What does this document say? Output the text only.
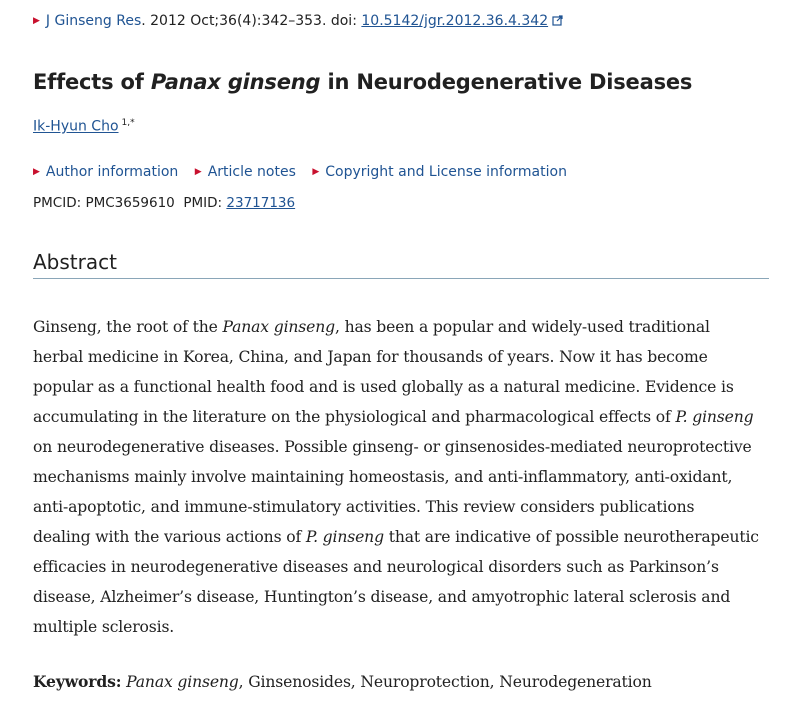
▶ J Ginseng Res. 2012 Oct;36(4):342–353. doi: 10.5142/jgr.2012.36.4.342
Effects of Panax ginseng in Neurodegenerative Diseases
Ik-Hyun Cho $^{1,*}$
▶ Author information ▶ Article notes ▶ Copyright and License information
PMCID: PMC3659610 PMID: 23717136
Abstract
Ginseng, the root of the Panax ginseng, has been a popular and widely-used traditional
herbal medicine in Korea, China, and Japan for thousands of years. Now it has become
popular as a functional health food and is used globally as a natural medicine. Evidence is
accumulating in the literature on the physiological and pharmacological effects of P. ginseng
on neurodegenerative diseases. Possible ginseng- or ginsenosides-mediated neuroprotective
mechanisms mainly involve maintaining homeostasis, and anti-inflammatory, anti-oxidant,
anti-apoptotic, and immune-stimulatory activities. This review considers publications
dealing with the various actions of P. ginseng that are indicative of possible neurotherapeutic
efficacies in neurodegenerative diseases and neurological disorders such as Parkinson’s
disease, Alzheimer’s disease, Huntington’s disease, and amyotrophic lateral sclerosis and
multiple sclerosis.
Keywords: Panax ginseng, Ginsenosides, Neuroprotection, Neurodegeneration
